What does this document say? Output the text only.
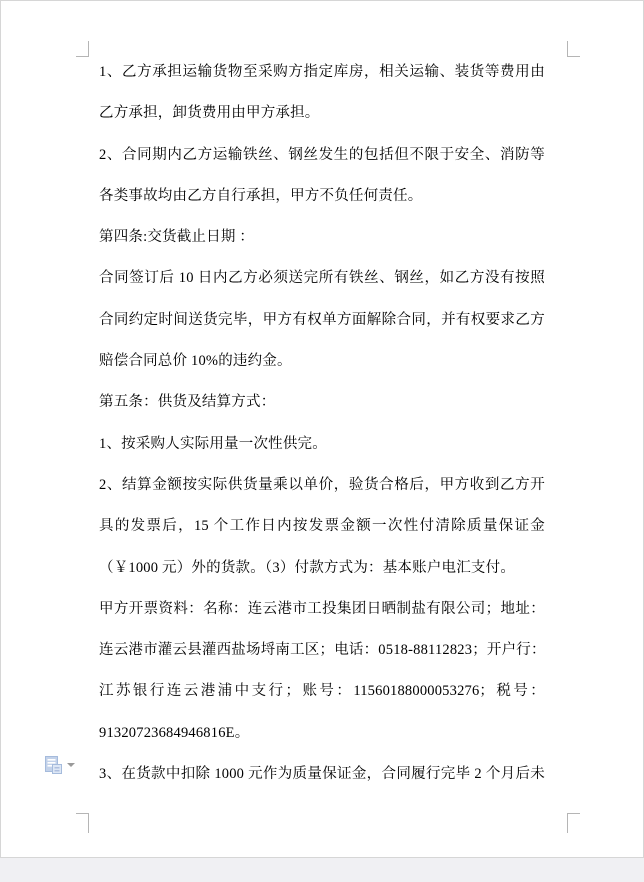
1、乙方承担运输货物至采购方指定库房，相关运输、装货等费用由
乙方承担，卸货费用由甲方承担。
2、合同期内乙方运输铁丝、钢丝发生的包括但不限于安全、消防等
各类事故均由乙方自行承担，甲方不负任何责任。
第四条:交货截止日期 ：
合同签订后 10 日内乙方必须送完所有铁丝、钢丝，如乙方没有按照
合同约定时间送货完毕，甲方有权单方面解除合同，并有权要求乙方
赔偿合同总价 10%的违约金。
第五条：供货及结算方式：
1、按采购人实际用量一次性供完。
2、结算金额按实际供货量乘以单价，验货合格后，甲方收到乙方开
具的发票后，15 个工作日内按发票金额一次性付清除质量保证金
（￥1000 元）外的货款。（3）付款方式为：基本账户电汇支付。
甲方开票资料：名称：连云港市工投集团日晒制盐有限公司；地址：
连云港市灌云县灌西盐场埒南工区；电话：0518-88112823；开户行：
江苏银行连云港浦中支行；账号：11560188000053276；税号：
91320723684946816E。
3、在货款中扣除 1000 元作为质量保证金，合同履行完毕 2 个月后未
